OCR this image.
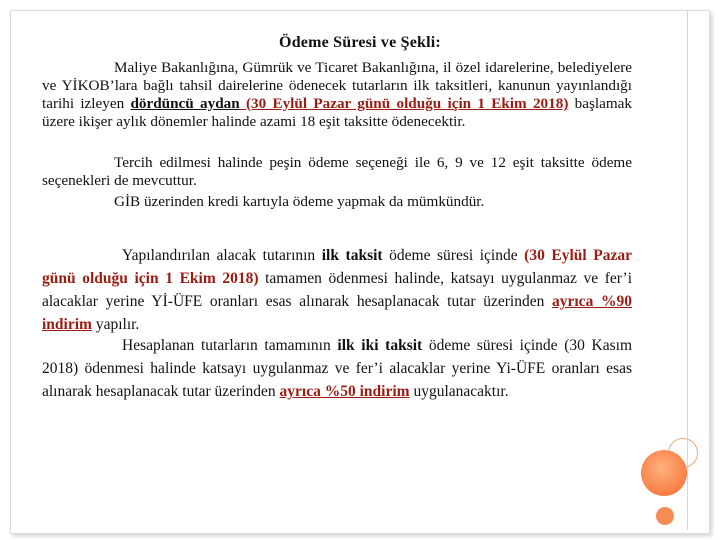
Ödeme Süresi ve Şekli:
Maliye Bakanlığına, Gümrük ve Ticaret Bakanlığına, il özel idarelerine, belediyelere ve YİKOB’lara bağlı tahsil dairelerine ödenecek tutarların ilk taksitleri, kanunun yayınlandığı tarihi izleyen dördüncü aydan (30 Eylül Pazar günü olduğu için 1 Ekim 2018) başlamak üzere ikişer aylık dönemler halinde azami 18 eşit taksitte ödenecektir.
Tercih edilmesi halinde peşin ödeme seçeneği ile 6, 9 ve 12 eşit taksitte ödeme seçenekleri de mevcuttur.
GİB üzerinden kredi kartıyla ödeme yapmak da mümkündür.
Yapılandırılan alacak tutarının ilk taksit ödeme süresi içinde (30 Eylül Pazar günü olduğu için 1 Ekim 2018) tamamen ödenmesi halinde, katsayı uygulanmaz ve fer’i alacaklar yerine Yİ-ÜFE oranları esas alınarak hesaplanacak tutar üzerinden ayrıca %90 indirim yapılır.
Hesaplanan tutarların tamamının ilk iki taksit ödeme süresi içinde (30 Kasım 2018) ödenmesi halinde katsayı uygulanmaz ve fer’i alacaklar yerine Yi-ÜFE oranları esas alınarak hesaplanacak tutar üzerinden ayrıca %50 indirim uygulanacaktır.
